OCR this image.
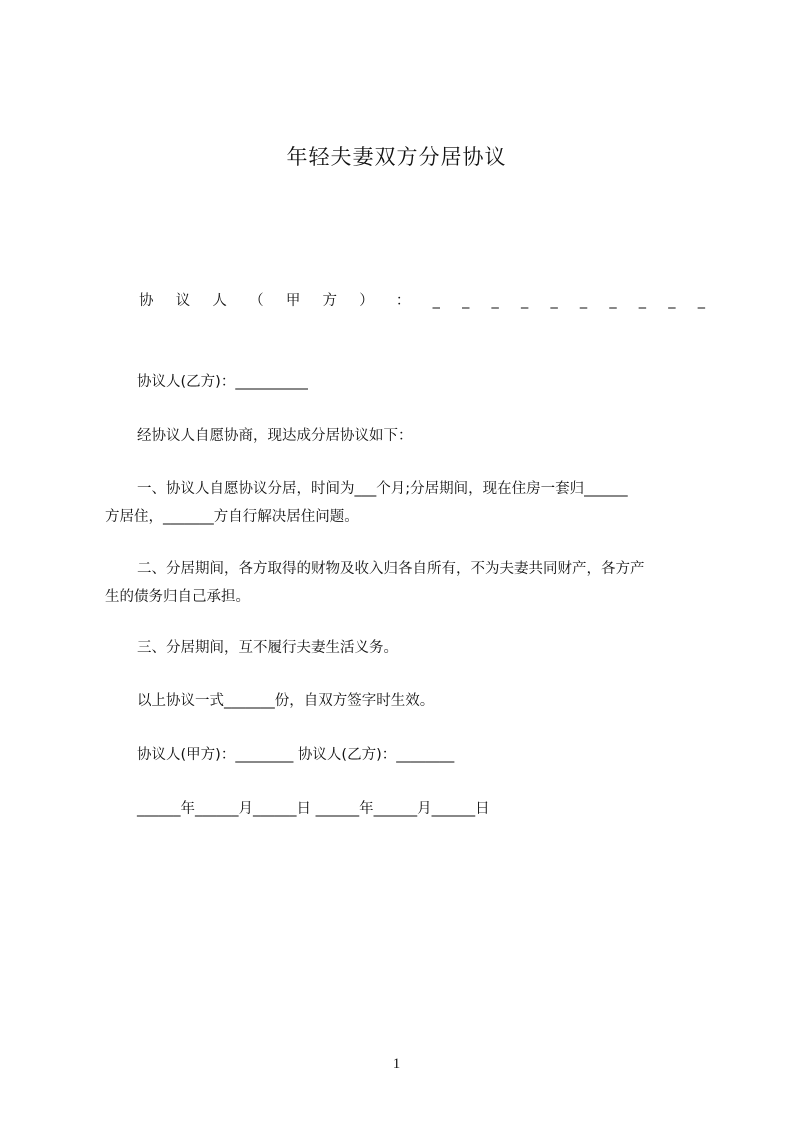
年轻夫妻双方分居协议
协 议 人 （ 甲 方 ） ： _ _ _ _ _ _ _ _ _ _
协议人(乙方)：__________
经协议人自愿协商，现达成分居协议如下：
一、协议人自愿协议分居，时间为___个月;分居期间，现在住房一套归______
方居住，_______方自行解决居住问题。
二、分居期间，各方取得的财物及收入归各自所有，不为夫妻共同财产，各方产
生的债务归自己承担。
三、分居期间，互不履行夫妻生活义务。
以上协议一式_______份，自双方签字时生效。
协议人(甲方)：________ 协议人(乙方)：________
______年______月______日 ______年______月______日
1
